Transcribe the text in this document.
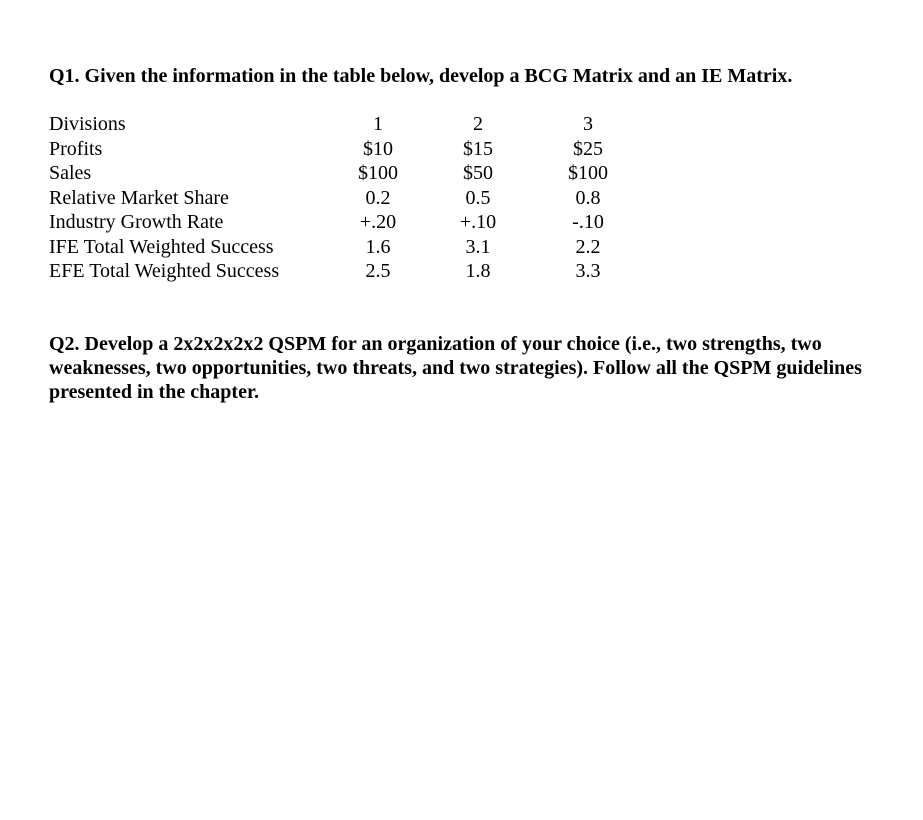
Q1. Given the information in the table below, develop a BCG Matrix and an IE Matrix.

Divisions	1	2	3
Profits	$10	$15	$25
Sales	$100	$50	$100
Relative Market Share	0.2	0.5	0.8
Industry Growth Rate	+.20	+.10	-.10
IFE Total Weighted Success	1.6	3.1	2.2
EFE Total Weighted Success	2.5	1.8	3.3

Q2. Develop a 2x2x2x2x2 QSPM for an organization of your choice (i.e., two strengths, two weaknesses, two opportunities, two threats, and two strategies). Follow all the QSPM guidelines presented in the chapter.
